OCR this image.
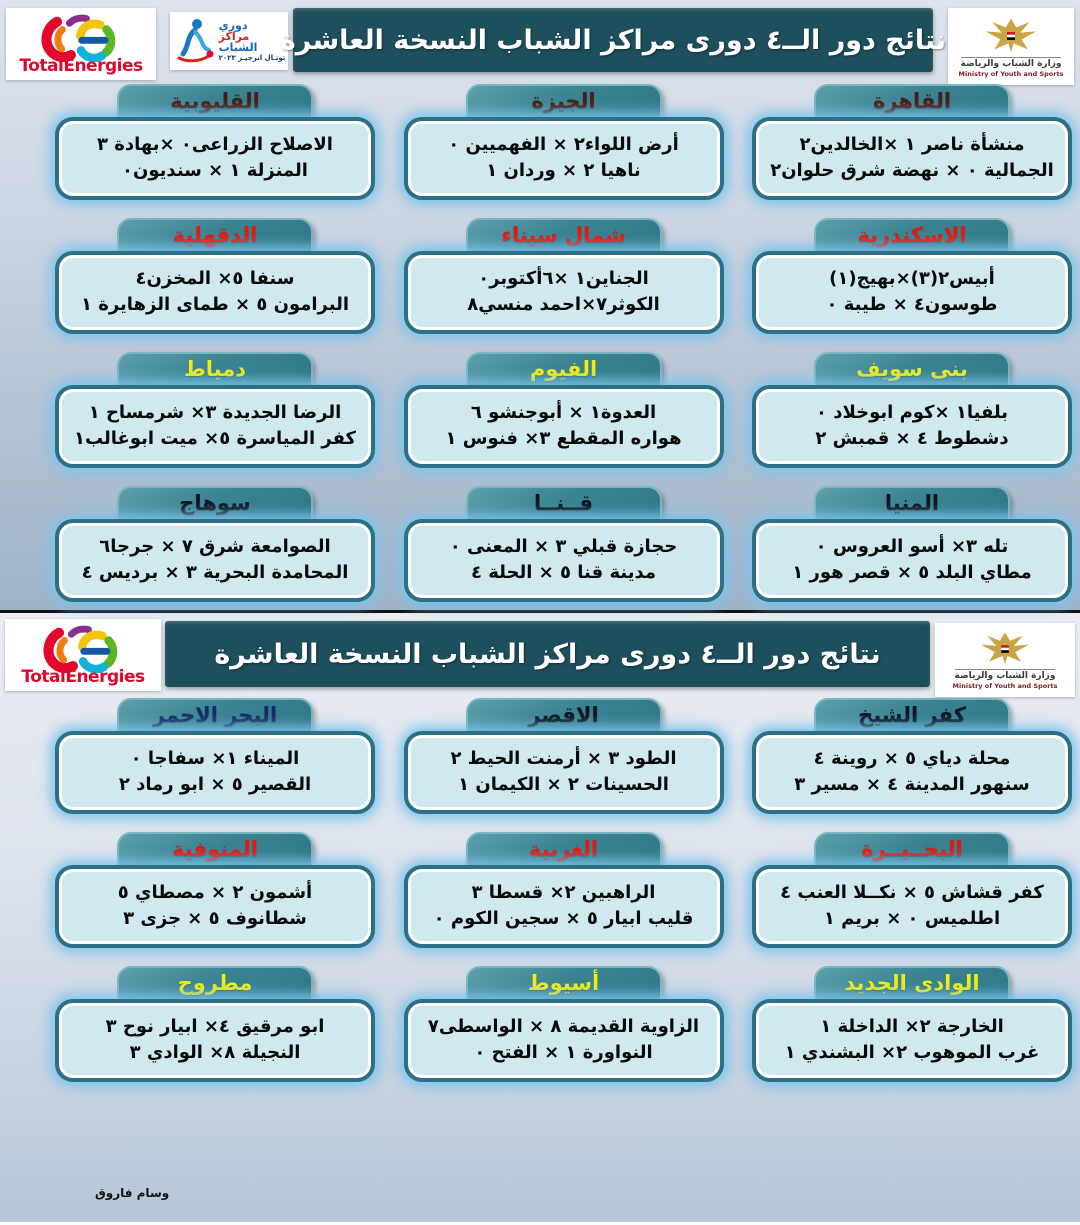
TotalEnergies
دوري
مراكز
الشباب
توتـال انرجيـز ٢٠٢٣
نتائج دور الــ٤ دورى مراكز الشباب النسخة العاشرة
وزارة الشباب والرياضة
Ministry of Youth and Sports
القاهرة
منشأة ناصر ١ ×الخالدين٢
الجمالية ٠ × نهضة شرق حلوان٢
الجيزة
أرض اللواء٢ × الفهميين ٠
ناهيا ٢ × وردان ١
القليوبية
الاصلاح الزراعى٠ ×بهادة ٣
المنزلة ١ × سنديون٠
الاسكندرية
أبيس٢(٣)×بهيج(١)
طوسون٤ × طيبة ٠
شمال سيناء
الجناين١ ×٦أكتوبر٠
الكوثر٧×احمد منسي٨
الدقهلية
سنفا ٥× المخزن٤
البرامون ٥ × طماى الزهايرة ١
بنى سويف
بلفيا١ ×كوم ابوخلاد ٠
دشطوط ٤ × قمبش ٢
الفيوم
العدوة١ × أبوجنشو ٦
هواره المقطع ٣× فنوس ١
دمياط
الرضا الجديدة ٣× شرمساح ١
كفر المياسرة ٥× ميت ابوغالب١
المنيا
تله ٣× أسو العروس ٠
مطاي البلد ٥ × قصر هور ١
قــنــا
حجازة قبلي ٣ × المعنى ٠
مدينة قنا ٥ × الحلة ٤
سوهاج
الصوامعة شرق ٧ × جرجا٦
المحامدة البحرية ٣ × برديس ٤
TotalEnergies
نتائج دور الــ٤ دورى مراكز الشباب النسخة العاشرة
وزارة الشباب والرياضة
Ministry of Youth and Sports
كفر الشيخ
محلة دياي ٥ × روينة ٤
سنهور المدينة ٤ × مسير ٣
الاقصر
الطود ٣ × أرمنت الحيط ٢
الحسينات ٢ × الكيمان ١
البحر الاحمر
الميناء ١× سفاجا ٠
القصير ٥ × ابو رماد ٢
البحــيــرة
كفر قشاش ٥ × نكــلا العنب ٤
اطلميس ٠ × بريم ١
الغربية
الراهبين ٢× قسطا ٣
قليب ابيار ٥ × سجين الكوم ٠
المنوفية
أشمون ٢ × مصطاي ٥
شطانوف ٥ × جزى ٣
الوادى الجديد
الخارجة ٢× الداخلة ١
غرب الموهوب ٢× البشندي ١
أسيوط
الزاوية القديمة ٨ × الواسطى٧
النواورة ١ × الفتح ٠
مطروح
ابو مرقيق ٤× ابيار نوح ٣
النجيلة ٨× الوادي ٣
وسام فاروق
